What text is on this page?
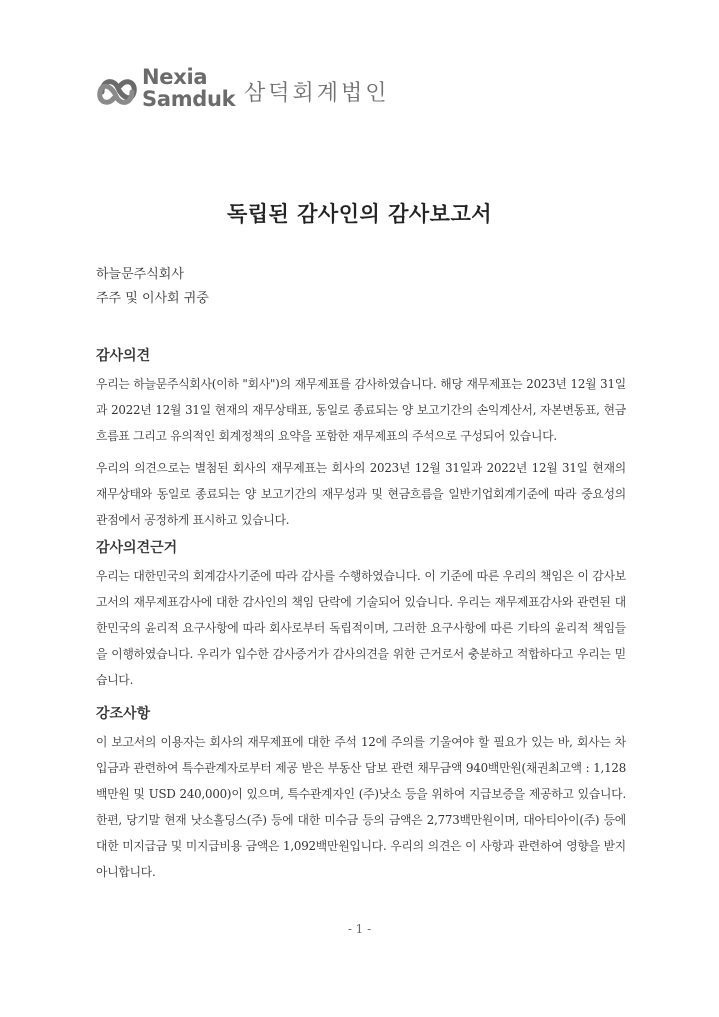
Nexia
Samduk 삼덕회계법인
독립된 감사인의 감사보고서
하늘문주식회사
주주 및 이사회 귀중
감사의견

우리는 하늘문주식회사(이하 "회사")의 재무제표를 감사하였습니다. 해당 재무제표는 2023년 12월 31일과 2022년 12월 31일 현재의 재무상태표, 동일로 종료되는 양 보고기간의 손익계산서, 자본변동표, 현금흐름표 그리고 유의적인 회계정책의 요약을 포함한 재무제표의 주석으로 구성되어 있습니다.

우리의 의견으로는 별첨된 회사의 재무제표는 회사의 2023년 12월 31일과 2022년 12월 31일 현재의 재무상태와 동일로 종료되는 양 보고기간의 재무성과 및 현금흐름을 일반기업회계기준에 따라 중요성의 관점에서 공정하게 표시하고 있습니다.

감사의견근거

우리는 대한민국의 회계감사기준에 따라 감사를 수행하였습니다. 이 기준에 따른 우리의 책임은 이 감사보고서의 재무제표감사에 대한 감사인의 책임 단락에 기술되어 있습니다. 우리는 재무제표감사와 관련된 대한민국의 윤리적 요구사항에 따라 회사로부터 독립적이며, 그러한 요구사항에 따른 기타의 윤리적 책임들을 이행하였습니다. 우리가 입수한 감사증거가 감사의견을 위한 근거로서 충분하고 적합하다고 우리는 믿습니다.

강조사항

이 보고서의 이용자는 회사의 재무제표에 대한 주석 12에 주의를 기울여야 할 필요가 있는 바, 회사는 차입금과 관련하여 특수관계자로부터 제공 받은 부동산 담보 관련 채무금액 940백만원(채권최고액 : 1,128백만원 및 USD 240,000)이 있으며, 특수관계자인 (주)낫소 등을 위하여 지급보증을 제공하고 있습니다. 한편, 당기말 현재 낫소홀딩스(주) 등에 대한 미수금 등의 금액은 2,773백만원이며, 대아티아이(주) 등에 대한 미지급금 및 미지급비용 금액은 1,092백만원입니다. 우리의 의견은 이 사항과 관련하여 영향을 받지 아니합니다.

- 1 -
